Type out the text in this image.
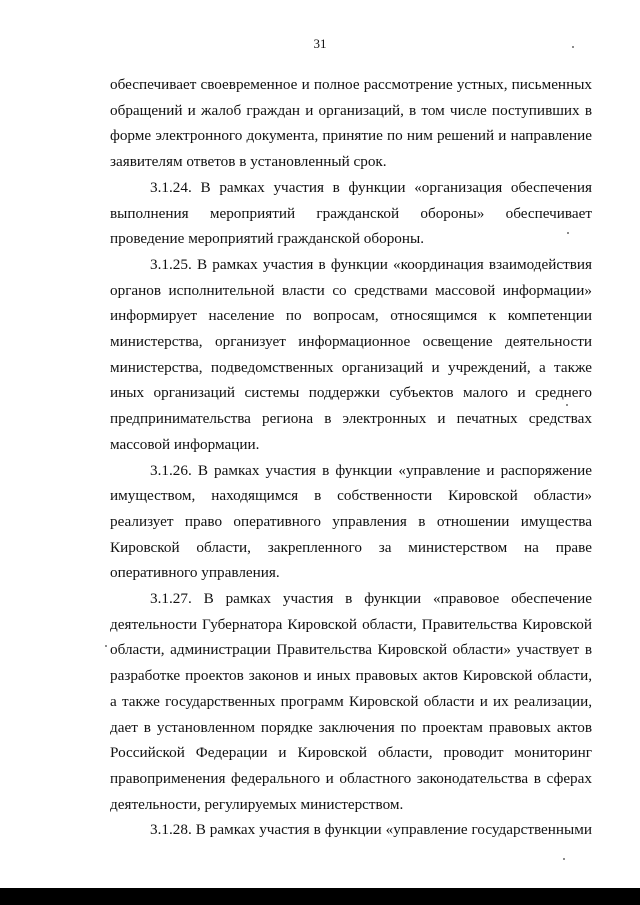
31

обеспечивает своевременное и полное рассмотрение устных, письменных обращений и жалоб граждан и организаций, в том числе поступивших в форме электронного документа, принятие по ним решений и направление заявителям ответов в установленный срок.

3.1.24. В рамках участия в функции «организация обеспечения выполнения мероприятий гражданской обороны» обеспечивает проведение мероприятий гражданской обороны.

3.1.25. В рамках участия в функции «координация взаимодействия органов исполнительной власти со средствами массовой информации» информирует население по вопросам, относящимся к компетенции министерства, организует информационное освещение деятельности министерства, подведомственных организаций и учреждений, а также иных организаций системы поддержки субъектов малого и среднего предпринимательства региона в электронных и печатных средствах массовой информации.

3.1.26. В рамках участия в функции «управление и распоряжение имуществом, находящимся в собственности Кировской области» реализует право оперативного управления в отношении имущества Кировской области, закрепленного за министерством на праве оперативного управления.

3.1.27. В рамках участия в функции «правовое обеспечение деятельности Губернатора Кировской области, Правительства Кировской области, администрации Правительства Кировской области» участвует в разработке проектов законов и иных правовых актов Кировской области, а также государственных программ Кировской области и их реализации, дает в установленном порядке заключения по проектам правовых актов Российской Федерации и Кировской области, проводит мониторинг правоприменения федерального и областного законодательства в сферах деятельности, регулируемых министерством.

3.1.28. В рамках участия в функции «управление государственными
